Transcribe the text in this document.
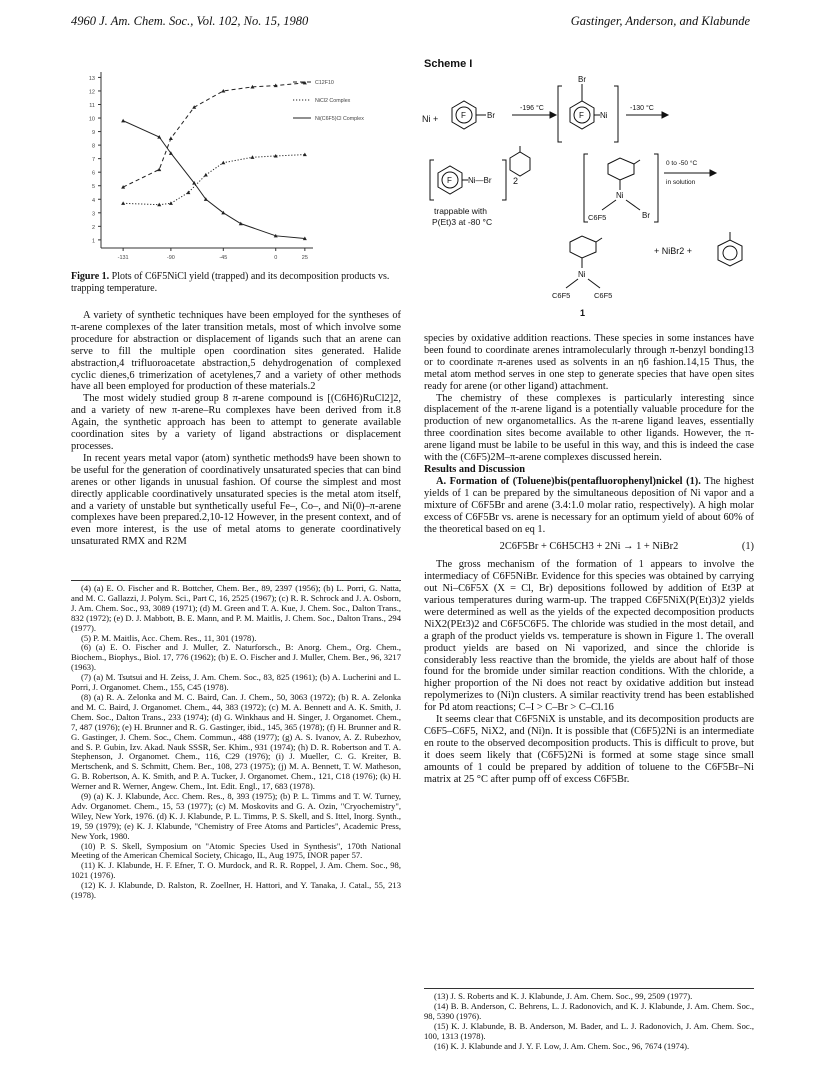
4960 J. Am. Chem. Soc., Vol. 102, No. 15, 1980	Gastinger, Anderson, and Klabunde
13
12
11
10
9
8
7
6
5
4
3
2
1
-131	-90	-45	0	25
C12F10
NiCl2 Complex
Ni(C6F5)Cl Complex
Figure 1. Plots of C6F5NiCl yield (trapped) and its decomposition products vs. trapping temperature.
Scheme I
Ni +	F	Br
-196 °C
F
Br
Ni
-130 °C
F Ni—Br
trappable with
P(Et)3 at -80 °C
2
Ni
C6F5	Br
0 to -50 °C
in solution
Ni
C6F5	C6F5
1
+ NiBr2 +

A variety of synthetic techniques have been employed for the syntheses of π-arene complexes of the later transition metals, most of which involve some procedure for abstraction or displacement of ligands such that an arene can serve to fill the multiple open coordination sites generated. Halide abstraction,4 trifluoroacetate abstraction,5 dehydrogenation of complexed cyclic dienes,6 trimerization of acetylenes,7 and a variety of other methods have all been employed for production of these materials.2

The most widely studied group 8 π-arene compound is [(C6H6)RuCl2]2, and a variety of new π-arene–Ru complexes have been derived from it.8 Again, the synthetic approach has been to attempt to generate available coordination sites by a variety of ligand abstractions or displacement processes.

In recent years metal vapor (atom) synthetic methods9 have been shown to be useful for the generation of coordinatively unsaturated species that can bind arenes or other ligands in unusual fashion. Of course the simplest and most directly applicable coordinatively unsaturated species is the metal atom itself, and a variety of unstable but synthetically useful Fe–, Co–, and Ni(0)–π-arene complexes have been prepared.2,10-12 However, in the present context, and of even more interest, is the use of metal atoms to generate coordinatively unsaturated RMX and R2M

(4) (a) E. O. Fischer and R. Bottcher, Chem. Ber., 89, 2397 (1956); (b) L. Porri, G. Natta, and M. C. Gallazzi, J. Polym. Sci., Part C, 16, 2525 (1967); (c) R. R. Schrock and J. A. Osborn, J. Am. Chem. Soc., 93, 3089 (1971); (d) M. Green and T. A. Kue, J. Chem. Soc., Dalton Trans., 832 (1972); (e) D. J. Mabbott, B. E. Mann, and P. M. Maitlis, J. Chem. Soc., Dalton Trans., 294 (1977).
(5) P. M. Maitlis, Acc. Chem. Res., 11, 301 (1978).
(6) (a) E. O. Fischer and J. Muller, Z. Naturforsch., B: Anorg. Chem., Org. Chem., Biochem., Biophys., Biol. 17, 776 (1962); (b) E. O. Fischer and J. Muller, Chem. Ber., 96, 3217 (1963).
(7) (a) M. Tsutsui and H. Zeiss, J. Am. Chem. Soc., 83, 825 (1961); (b) A. Lucherini and L. Porri, J. Organomet. Chem., 155, C45 (1978).
(8) (a) R. A. Zelonka and M. C. Baird, Can. J. Chem., 50, 3063 (1972); (b) R. A. Zelonka and M. C. Baird, J. Organomet. Chem., 44, 383 (1972); (c) M. A. Bennett and A. K. Smith, J. Chem. Soc., Dalton Trans., 233 (1974); (d) G. Winkhaus and H. Singer, J. Organomet. Chem., 7, 487 (1976); (e) H. Brunner and R. G. Gastinger, ibid., 145, 365 (1978); (f) H. Brunner and R. G. Gastinger, J. Chem. Soc., Chem. Commun., 488 (1977); (g) A. S. Ivanov, A. Z. Rubezhov, and S. P. Gubin, Izv. Akad. Nauk SSSR, Ser. Khim., 931 (1974); (h) D. R. Robertson and T. A. Stephenson, J. Organomet. Chem., 116, C29 (1976); (i) J. Mueller, C. G. Kreiter, B. Mertschenk, and S. Schmitt, Chem. Ber., 108, 273 (1975); (j) M. A. Bennett, T. W. Matheson, G. B. Robertson, A. K. Smith, and P. A. Tucker, J. Organomet. Chem., 121, C18 (1976); (k) H. Werner and R. Werner, Angew. Chem., Int. Edit. Engl., 17, 683 (1978).
(9) (a) K. J. Klabunde, Acc. Chem. Res., 8, 393 (1975); (b) P. L. Timms and T. W. Turney, Adv. Organomet. Chem., 15, 53 (1977); (c) M. Moskovits and G. A. Ozin, "Cryochemistry", Wiley, New York, 1976. (d) K. J. Klabunde, P. L. Timms, P. S. Skell, and S. Ittel, Inorg. Synth., 19, 59 (1979); (e) K. J. Klabunde, "Chemistry of Free Atoms and Particles", Academic Press, New York, 1980.
(10) P. S. Skell, Symposium on "Atomic Species Used in Synthesis", 170th National Meeting of the American Chemical Society, Chicago, IL, Aug 1975, INOR paper 57.
(11) K. J. Klabunde, H. F. Efner, T. O. Murdock, and R. R. Roppel, J. Am. Chem. Soc., 98, 1021 (1976).
(12) K. J. Klabunde, D. Ralston, R. Zoellner, H. Hattori, and Y. Tanaka, J. Catal., 55, 213 (1978).

species by oxidative addition reactions. These species in some instances have been found to coordinate arenes intramolecularly through π-benzyl bonding13 or to coordinate π-arenes used as solvents in an η6 fashion.14,15 Thus, the metal atom method serves in one step to generate species that have open sites ready for arene (or other ligand) attachment.

The chemistry of these complexes is particularly interesting since displacement of the π-arene ligand is a potentially valuable procedure for the production of new organometallics. As the π-arene ligand leaves, essentially three coordination sites become available to other ligands. However, the π-arene ligand must be labile to be useful in this way, and this is indeed the case with the (C6F5)2M–π-arene complexes discussed herein.

Results and Discussion

A. Formation of (Toluene)bis(pentafluorophenyl)nickel (1). The highest yields of 1 can be prepared by the simultaneous deposition of Ni vapor and a mixture of C6F5Br and arene (3.4:1.0 molar ratio, respectively). A high molar excess of C6F5Br vs. arene is necessary for an optimum yield of about 60% of the theoretical based on eq 1.

2C6F5Br + C6H5CH3 + 2Ni → 1 + NiBr2	(1)

The gross mechanism of the formation of 1 appears to involve the intermediacy of C6F5NiBr. Evidence for this species was obtained by carrying out Ni–C6F5X (X = Cl, Br) depositions followed by addition of Et3P at various temperatures during warm-up. The trapped C6F5NiX(P(Et)3)2 yields were determined as well as the yields of the expected decomposition products NiX2(PEt3)2 and C6F5C6F5. The chloride was studied in the most detail, and a graph of the product yields vs. temperature is shown in Figure 1. The overall product yields are based on Ni vaporized, and since the chloride is considerably less reactive than the bromide, the yields are about half of those found for the bromide under similar reaction conditions. With the chloride, a higher proportion of the Ni does not react by oxidative addition but instead repolymerizes to (Ni)n clusters. A similar reactivity trend has been established for Pd atom reactions; C–I > C–Br > C–Cl.16

It seems clear that C6F5NiX is unstable, and its decomposition products are C6F5–C6F5, NiX2, and (Ni)n. It is possible that (C6F5)2Ni is an intermediate en route to the observed decomposition products. This is difficult to prove, but it does seem likely that (C6F5)2Ni is formed at some stage since small amounts of 1 could be prepared by addition of toluene to the C6F5Br–Ni matrix at 25 °C after pump off of excess C6F5Br.

(13) J. S. Roberts and K. J. Klabunde, J. Am. Chem. Soc., 99, 2509 (1977).
(14) B. B. Anderson, C. Behrens, L. J. Radonovich, and K. J. Klabunde, J. Am. Chem. Soc., 98, 5390 (1976).
(15) K. J. Klabunde, B. B. Anderson, M. Bader, and L. J. Radonovich, J. Am. Chem. Soc., 100, 1313 (1978).
(16) K. J. Klabunde and J. Y. F. Low, J. Am. Chem. Soc., 96, 7674 (1974).
